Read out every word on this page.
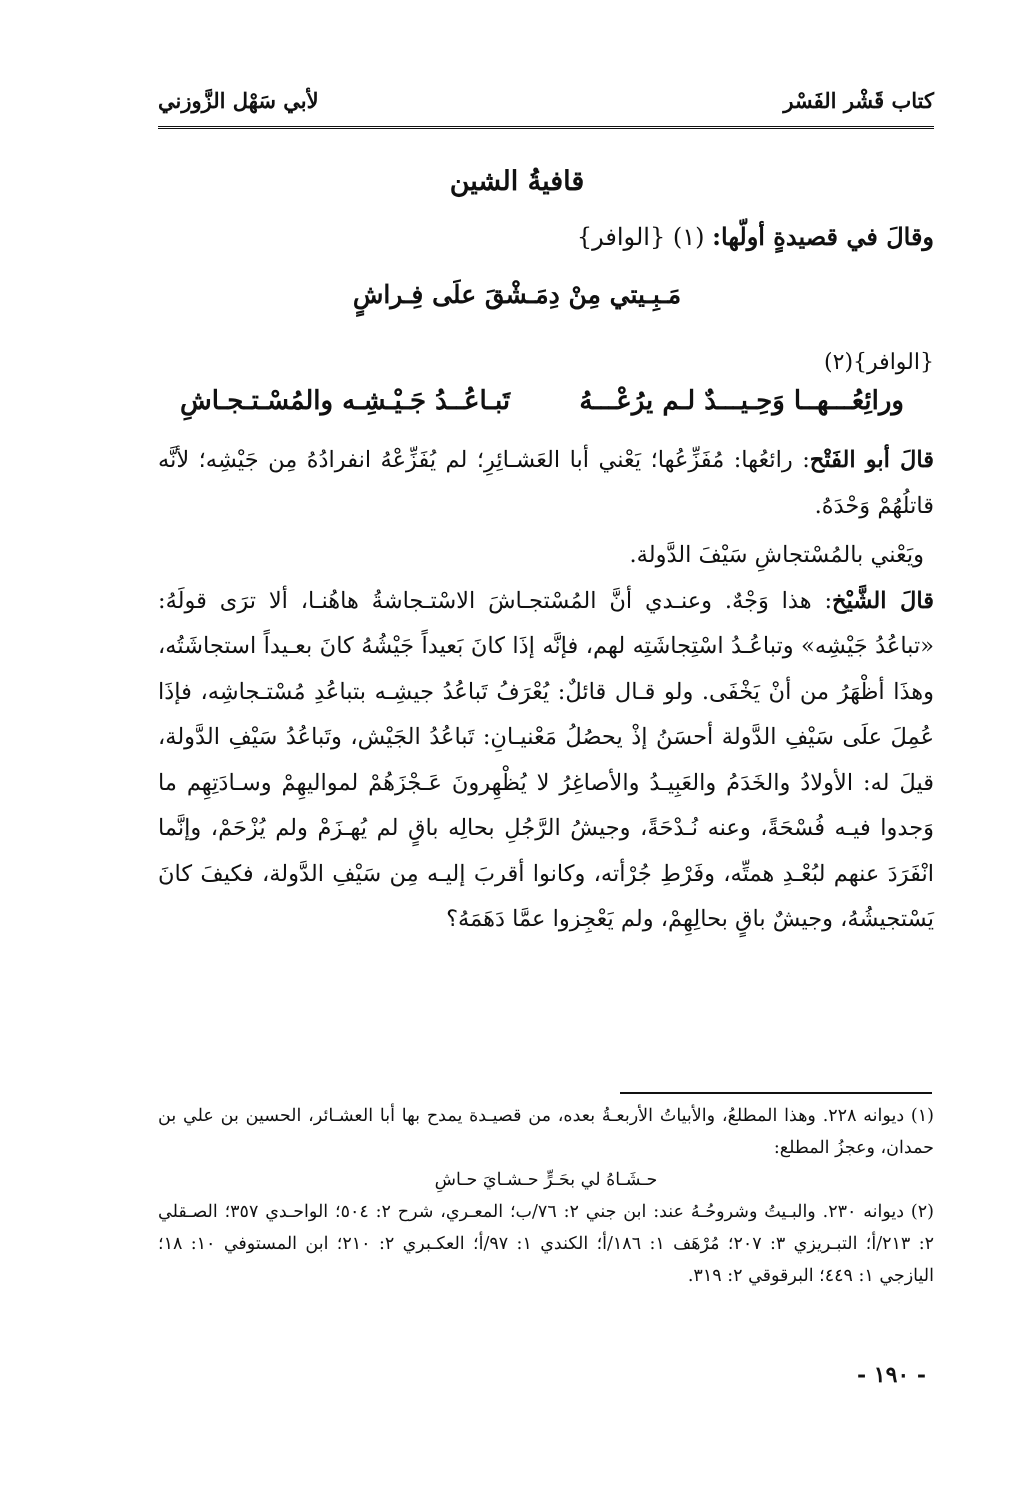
كتاب قَشْر الفَسْر
لأبي سَهْل الزَّوزني
قافيةُ الشين
وقالَ في قصيدةٍ أولّها: (١) {الوافر}
مَـبِـيتي مِنْ دِمَـشْقَ علَى فِـراشٍ
{الوافر}(٢)
ورائِعُـــهــا وَحِـيـــدٌ لـم يرُعْـــهُ
تَبـاعُــدُ جَـيْـشِـه والمُسْـتـجـاشِ

قالَ أبو الفَتْح: رائعُها: مُفَزِّعُها؛ يَعْني أبا العَشـائِرِ؛ لم يُفَزِّعْهُ انفرادُهُ مِن جَيْشِه؛ لأنَّه قاتلُهُمْ وَحْدَهُ.

ويَعْني بالمُسْتجاشِ سَيْفَ الدَّولة.

قالَ الشَّيْخ: هذا وَجْهٌ. وعنـدي أنَّ المُسْتجـاشَ الاسْتـجاشةُ هاهُنـا، ألا ترَى قولَهُ: «تباعُدُ جَيْشِه» وتباعُـدُ اسْتِجاشَتِه لهم، فإنَّه إذَا كانَ بَعيداً جَيْشُهُ كانَ بعـيداً استجاشَتُه، وهذَا أظْهَرُ من أنْ يَخْفَى. ولو قـال قائلٌ: يُعْرَفُ تَباعُدُ جيشِـه بتباعُدِ مُسْتـجاشِه، فإذَا عُمِلَ علَى سَيْفِ الدَّولة أحسَنُ إذْ يحصُلُ مَعْنيـانِ: تَباعُدُ الجَيْش، وتَباعُدُ سَيْفِ الدَّولة، قيلَ له: الأولادُ والخَدَمُ والعَبِيـدُ والأصاغِرُ لا يُظْهِرونَ عَـجْزَهُمْ لمواليهِمْ وسـادَتِهِم ما وَجدوا فيـه فُسْحَةً، وعنه نُـدْحَةً، وجيشُ الرَّجُلِ بحالِه باقٍ لم يُهـزَمْ ولم يُزْحَمْ، وإنَّما انْفَرَدَ عنهم لبُعْـدِ همتِّه، وفَرْطِ جُرْأته، وكانوا أقربَ إليـه مِن سَيْفِ الدَّولة، فكيفَ كانَ يَسْتجيشُهُ، وجيشٌ باقٍ بحالِهِمْ، ولم يَعْجِزوا عمَّا دَهَمَهُ؟

(١) ديوانه ٢٢٨. وهذا المطلعُ، والأبياتُ الأربعـةُ بعده، من قصيـدة يمدح بها أبا العشـائر، الحسين بن علي بن حمدان، وعجزُ المطلع:

حـشَـاهُ لي بحَـرٍّ حـشـايَ حـاشِ

(٢) ديوانه ٢٣٠. والبـيتُ وشروحُـهُ عند: ابن جني ٢: ٧٦/ب؛ المعـري، شرح ٢: ٥٠٤؛ الواحـدي ٣٥٧؛ الصـقلي ٢: ٢١٣/أ؛ التبـريزي ٣: ٢٠٧؛ مُرْهَف ١: ١٨٦/أ؛ الكندي ١: ٩٧/أ؛ العكـبري ٢: ٢١٠؛ ابن المستوفي ١٠: ١٨؛ اليازجي ١: ٤٤٩؛ البرقوقي ٢: ٣١٩.

- ١٩٠ -
